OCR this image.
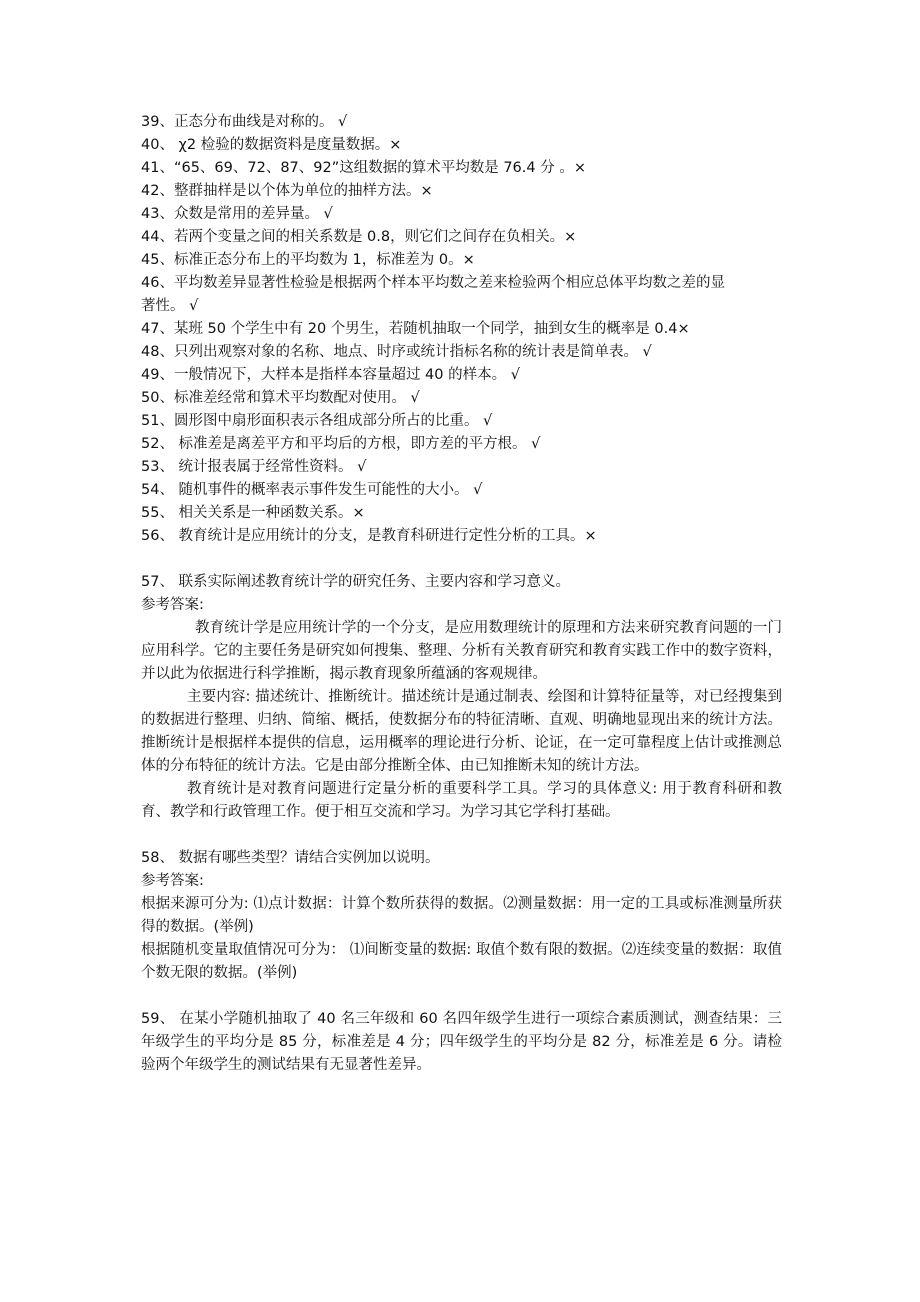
39、正态分布曲线是对称的。 √
40、 χ2 检验的数据资料是度量数据。×
41、“65、69、72、87、92”这组数据的算术平均数是 76.4 分 。×
42、整群抽样是以个体为单位的抽样方法。×
43、众数是常用的差异量。 √
44、若两个变量之间的相关系数是 0.8，则它们之间存在负相关。×
45、标准正态分布上的平均数为 1，标准差为 0。×
46、平均数差异显著性检验是根据两个样本平均数之差来检验两个相应总体平均数之差的显
著性。 √
47、某班 50 个学生中有 20 个男生，若随机抽取一个同学，抽到女生的概率是 0.4×
48、只列出观察对象的名称、地点、时序或统计指标名称的统计表是简单表。 √
49、一般情况下，大样本是指样本容量超过 40 的样本。 √
50、标准差经常和算术平均数配对使用。 √
51、圆形图中扇形面积表示各组成部分所占的比重。 √
52、 标准差是离差平方和平均后的方根，即方差的平方根。 √
53、 统计报表属于经常性资料。 √
54、 随机事件的概率表示事件发生可能性的大小。 √
55、 相关关系是一种函数关系。×
56、 教育统计是应用统计的分支，是教育科研进行定性分析的工具。×
57、 联系实际阐述教育统计学的研究任务、主要内容和学习意义。
参考答案:
教育统计学是应用统计学的一个分支，是应用数理统计的原理和方法来研究教育问题的一门应用科学。它的主要任务是研究如何搜集、整理、分析有关教育研究和教育实践工作中的数字资料，并以此为依据进行科学推断，揭示教育现象所蕴涵的客观规律。
主要内容: 描述统计、推断统计。描述统计是通过制表、绘图和计算特征量等，对已经搜集到的数据进行整理、归纳、简缩、概括，使数据分布的特征清晰、直观、明确地显现出来的统计方法。推断统计是根据样本提供的信息，运用概率的理论进行分析、论证，在一定可靠程度上估计或推测总体的分布特征的统计方法。它是由部分推断全体、由已知推断未知的统计方法。
教育统计是对教育问题进行定量分析的重要科学工具。学习的具体意义: 用于教育科研和教育、教学和行政管理工作。便于相互交流和学习。为学习其它学科打基础。
58、 数据有哪些类型？请结合实例加以说明。
参考答案:
根据来源可分为: ⑴点计数据：计算个数所获得的数据。⑵测量数据：用一定的工具或标准测量所获得的数据。(举例)
根据随机变量取值情况可分为： ⑴间断变量的数据: 取值个数有限的数据。⑵连续变量的数据：取值个数无限的数据。(举例)
59、 在某小学随机抽取了 40 名三年级和 60 名四年级学生进行一项综合素质测试，测查结果：三年级学生的平均分是 85 分，标准差是 4 分；四年级学生的平均分是 82 分，标准差是 6 分。请检验两个年级学生的测试结果有无显著性差异。
